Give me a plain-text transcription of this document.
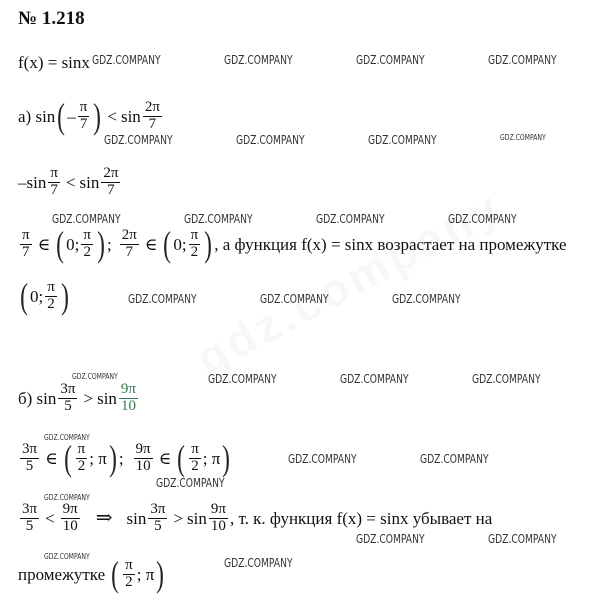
№ 1.218
f(x) = sinx
а) sin ( – $\frac{\pi}{7}$ ) < $\sin \frac{2\pi}{7}$
$-\sin \frac{\pi}{7} < \sin \frac{2\pi}{7}$
$\frac{\pi}{7}$ ∈ ( 0; $\frac{\pi}{2}$ ) ; $\frac{2\pi}{7}$ ∈ ( 0; $\frac{\pi}{2}$ ) , а функция f(x) = sinx возрастает на промежутке
( 0; $\frac{\pi}{2}$ )
б) $\sin \frac{3\pi}{5} > \sin \frac{9\pi}{10}$
$\frac{3\pi}{5}$ ∈ ( $\frac{\pi}{2}$ ; π ) ; $\frac{9\pi}{10}$ ∈ ( $\frac{\pi}{2}$ ; π )
$\frac{3\pi}{5} < \frac{9\pi}{10}$ ⇒ $\sin \frac{3\pi}{5} > \sin \frac{9\pi}{10}$ , т. к. функция f(x) = sinx убывает на
промежутке ( $\frac{\pi}{2}$ ; π )
GDZ.COMPANY	GDZ.COMPANY	GDZ.COMPANY	GDZ.COMPANY
GDZ.COMPANY	GDZ.COMPANY	GDZ.COMPANY	GDZ.COMPANY
GDZ.COMPANY	GDZ.COMPANY	GDZ.COMPANY	GDZ.COMPANY
GDZ.COMPANY	GDZ.COMPANY	GDZ.COMPANY
GDZ.COMPANY	GDZ.COMPANY	GDZ.COMPANY	GDZ.COMPANY
GDZ.COMPANY
GDZ.COMPANY	GDZ.COMPANY
GDZ.COMPANY
GDZ.COMPANY
GDZ.COMPANY	GDZ.COMPANY
GDZ.COMPANY	GDZ.COMPANY
